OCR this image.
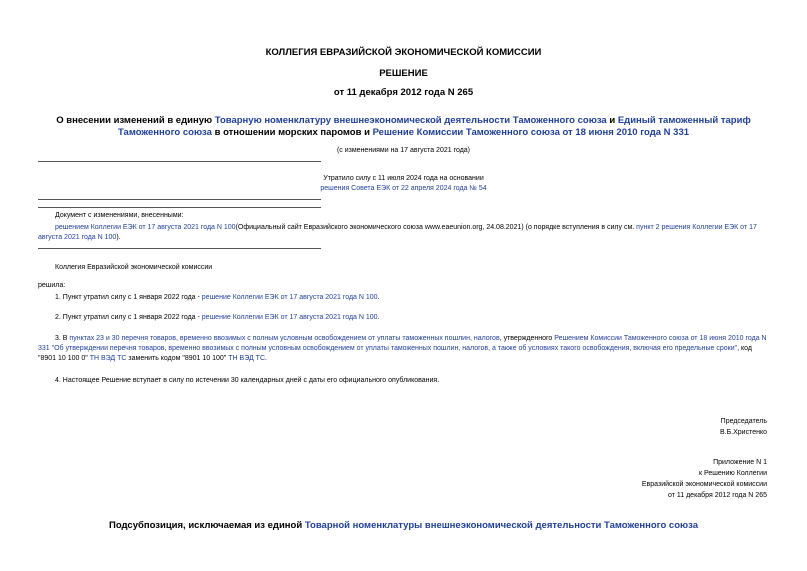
КОЛЛЕГИЯ ЕВРАЗИЙСКОЙ ЭКОНОМИЧЕСКОЙ КОМИССИИ
РЕШЕНИЕ
от 11 декабря 2012 года N 265
О внесении изменений в единую Товарную номенклатуру внешнеэкономической деятельности Таможенного союза и Единый таможенный тариф Таможенного союза в отношении морских паромов и Решение Комиссии Таможенного союза от 18 июня 2010 года N 331
(с изменениями на 17 августа 2021 года)
Утратило силу с 11 июля 2024 года на основании
решения Совета ЕЭК от 22 апреля 2024 года № 54
Документ с изменениями, внесенными:
решением Коллегии ЕЭК от 17 августа 2021 года N 100(Официальный сайт Евразийского экономического союза www.eaeunion.org, 24.08.2021) (о порядке вступления в силу см. пункт 2 решения Коллегии ЕЭК от 17 августа 2021 года N 100).
Коллегия Евразийской экономической комиссии
решила:
1. Пункт утратил силу с 1 января 2022 года - решение Коллегии ЕЭК от 17 августа 2021 года N 100.
2. Пункт утратил силу с 1 января 2022 года - решение Коллегии ЕЭК от 17 августа 2021 года N 100.
3. В пунктах 23 и 30 перечня товаров, временно ввозимых с полным условным освобождением от уплаты таможенных пошлин, налогов, утвержденного Решением Комиссии Таможенного союза от 18 июня 2010 года N 331 "Об утверждении перечня товаров, временно ввозимых с полным условным освобождением от уплаты таможенных пошлин, налогов, а также об условиях такого освобождения, включая его предельные сроки", код "8901 10 100 0" ТН ВЭД ТС заменить кодом "8901 10 100" ТН ВЭД ТС.
4. Настоящее Решение вступает в силу по истечении 30 календарных дней с даты его официального опубликования.

Председатель

В.Б.Христенко

Приложение N 1

к Решению Коллегии

Евразийской экономической комиссии

от 11 декабря 2012 года N 265

Подсубпозиция, исключаемая из единой Товарной номенклатуры внешнеэкономической деятельности Таможенного союза
